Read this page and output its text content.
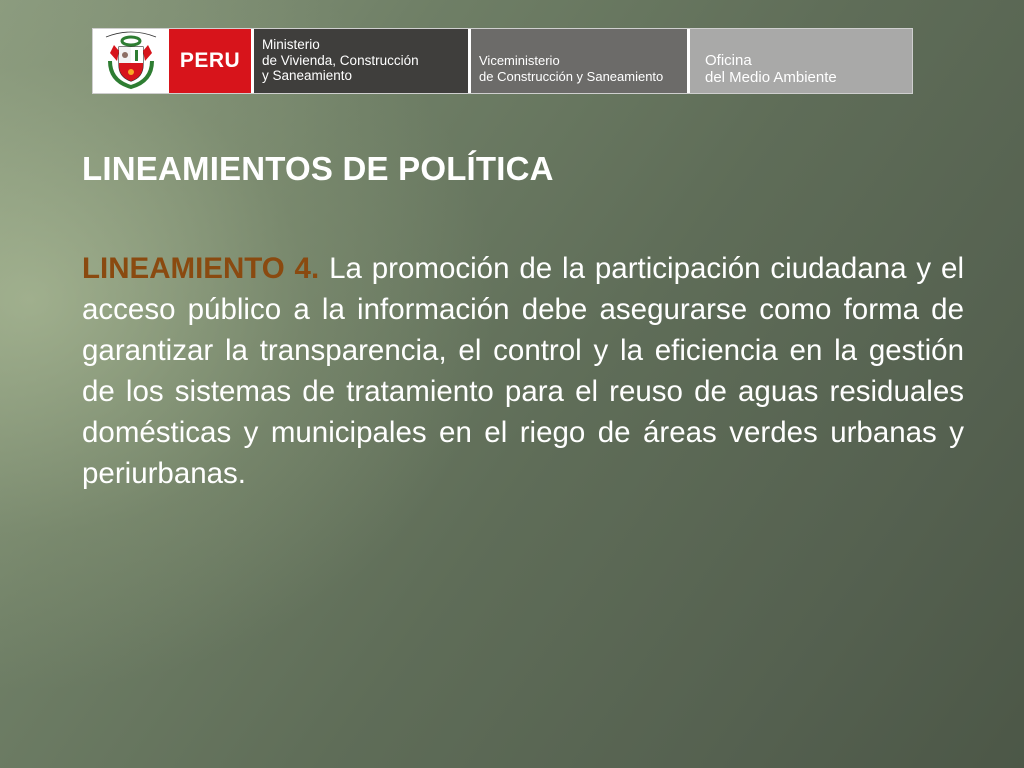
PERU
Ministerio
de Vivienda, Construcción
y Saneamiento
Viceministerio
de Construcción y Saneamiento
Oficina
del Medio Ambiente
LINEAMIENTOS DE POLÍTICA

LINEAMIENTO 4. La promoción de la participación ciudadana y el acceso público a la información debe asegurarse como forma de garantizar la transparencia, el control y la eficiencia en la gestión de los sistemas de tratamiento para el reuso de aguas residuales domésticas y municipales en el riego de áreas verdes urbanas y periurbanas.
